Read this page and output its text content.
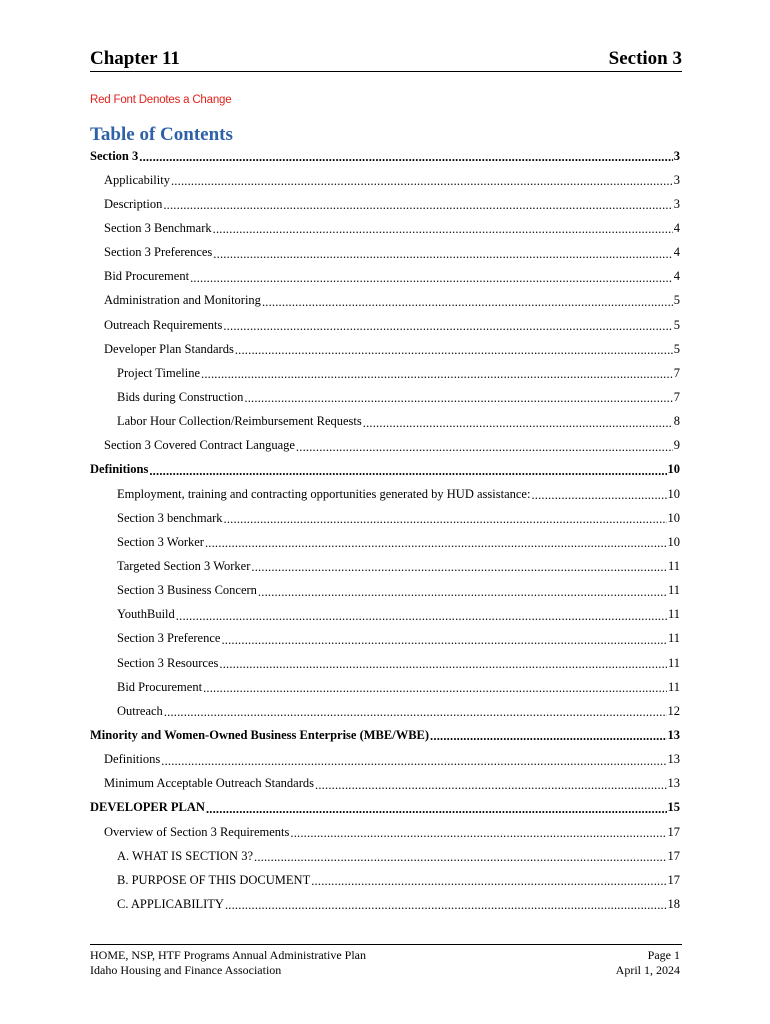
Chapter 11	Section 3
Red Font Denotes a Change
Table of Contents
Section 3 .....	3
Applicability .....	3
Description .....	3
Section 3 Benchmark .....	4
Section 3 Preferences .....	4
Bid Procurement .....	4
Administration and Monitoring .....	5
Outreach Requirements .....	5
Developer Plan Standards .....	5
Project Timeline .....	7
Bids during Construction .....	7
Labor Hour Collection/Reimbursement Requests .....	8
Section 3 Covered Contract Language .....	9
Definitions .....	10
Employment, training and contracting opportunities generated by HUD assistance: .....	10
Section 3 benchmark .....	10
Section 3 Worker .....	10
Targeted Section 3 Worker .....	11
Section 3 Business Concern .....	11
YouthBuild .....	11
Section 3 Preference .....	11
Section 3 Resources .....	11
Bid Procurement .....	11
Outreach .....	12
Minority and Women-Owned Business Enterprise (MBE/WBE) .....	13
Definitions .....	13
Minimum Acceptable Outreach Standards .....	13
DEVELOPER PLAN .....	15
Overview of Section 3 Requirements .....	17
A. WHAT IS SECTION 3? .....	17
B. PURPOSE OF THIS DOCUMENT .....	17
C. APPLICABILITY .....	18
HOME, NSP, HTF Programs Annual Administrative Plan
Idaho Housing and Finance Association
Page 1
April 1, 2024
